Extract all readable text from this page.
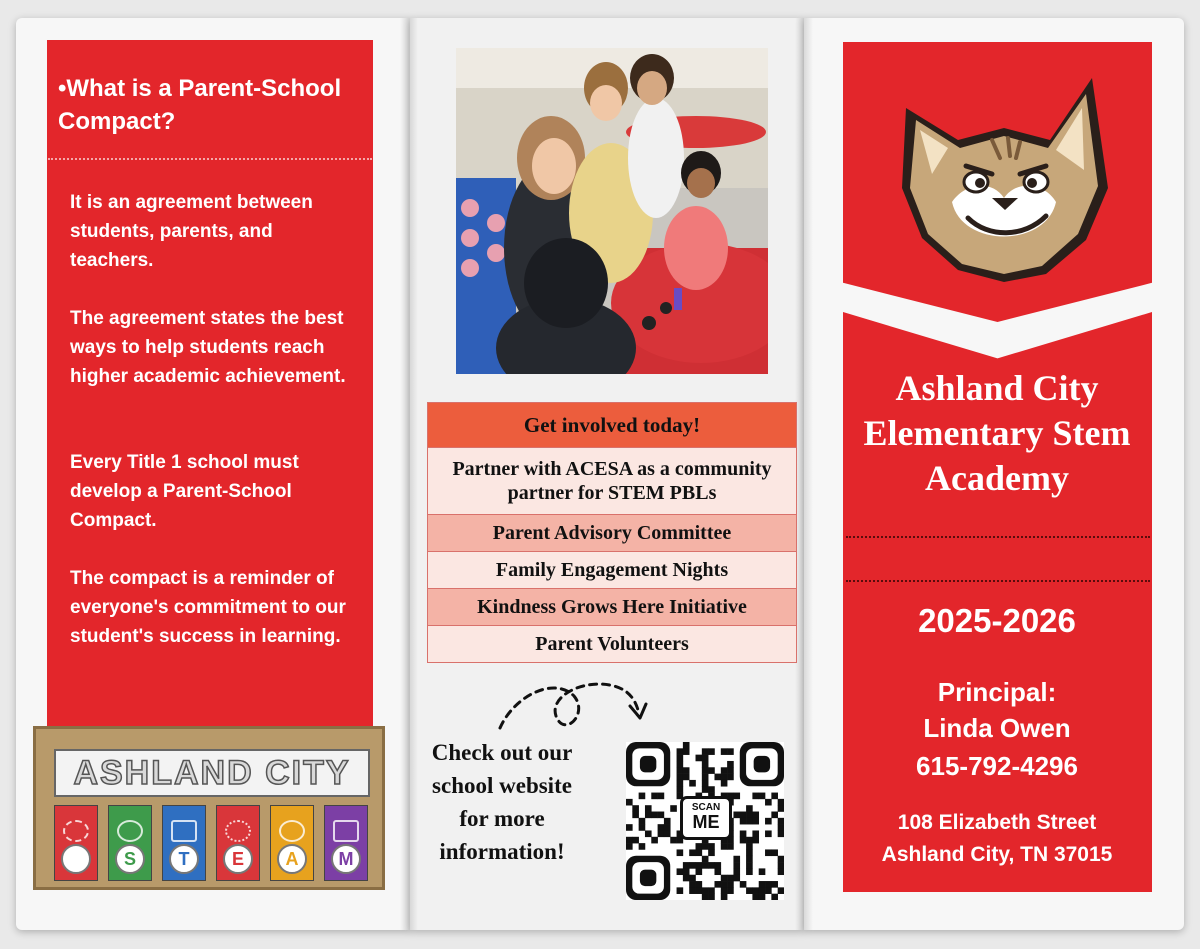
•What is a Parent-School Compact?
It is an agreement between students, parents, and teachers.
The agreement states the best ways to help students reach higher academic achievement.
Every Title 1 school must develop a Parent-School Compact.
The compact is a reminder of everyone's commitment to our student's success in learning.
ASHLAND CITY
S	T	E	A	M
Get involved today!
Partner with ACESA as a community partner for STEM PBLs
Parent Advisory Committee
Family Engagement Nights
Kindness Grows Here Initiative
Parent Volunteers
Check out our school website for more information!
SCAN
ME
Ashland City Elementary Stem Academy
2025-2026
Principal:
Linda Owen
615-792-4296
108 Elizabeth Street
Ashland City, TN 37015
